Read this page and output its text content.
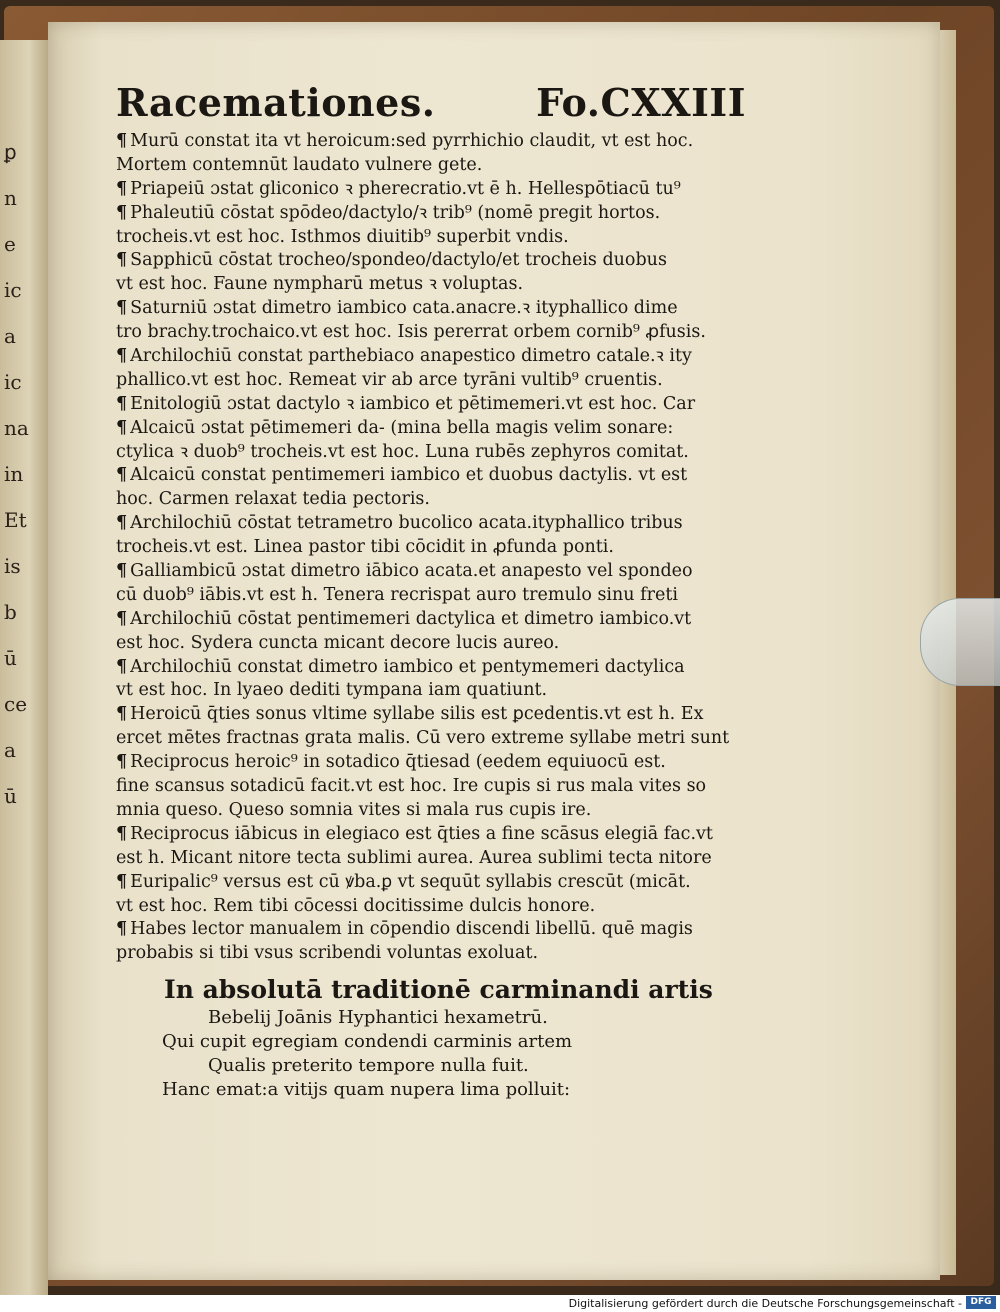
ꝑ
n
e
ic
a
ic
na
in
Et
is
b
ū
ce
a
ū
Racemationes.	Fo.CXXIII
¶ Murū constat ita vt heroicum:sed pyrrhichio claudit, vt est hoc.
Mortem contemnūt laudato vulnere gete.
¶ Priapeiū ɔstat gliconico ꝛ pherecratio.vt ē h. Hellespōtiacū tu⁹
¶ Phaleutiū cōstat spōdeo/dactylo/ꝛ trib⁹ (nomē pregit hortos.
trocheis.vt est hoc. Isthmos diuitib⁹ superbit vndis.
¶ Sapphicū cōstat trocheo/spondeo/dactylo/et trocheis duobus
vt est hoc. Faune nympharū metus ꝛ voluptas.
¶ Saturniū ɔstat dimetro iambico cata.anacre.ꝛ ityphallico dime
tro brachy.trochaico.vt est hoc. Isis pererrat orbem cornib⁹ ꝓfusis.
¶ Archilochiū constat parthebiaco anapestico dimetro catale.ꝛ ity
phallico.vt est hoc. Remeat vir ab arce tyrāni vultib⁹ cruentis.
¶ Enitologiū ɔstat dactylo ꝛ iambico et pētimemeri.vt est hoc. Car
¶ Alcaicū ɔstat pētimemeri da- (mina bella magis velim sonare:
ctylica ꝛ duob⁹ trocheis.vt est hoc. Luna rubēs zephyros comitat.
¶ Alcaicū constat pentimemeri iambico et duobus dactylis. vt est
hoc. Carmen relaxat tedia pectoris.
¶ Archilochiū cōstat tetrametro bucolico acata.ityphallico tribus
trocheis.vt est. Linea pastor tibi cōcidit in ꝓfunda ponti.
¶ Galliambicū ɔstat dimetro iābico acata.et anapesto vel spondeo
cū duob⁹ iābis.vt est h. Tenera recrispat auro tremulo sinu freti
¶ Archilochiū cōstat pentimemeri dactylica et dimetro iambico.vt
est hoc. Sydera cuncta micant decore lucis aureo.
¶ Archilochiū constat dimetro iambico et pentymemeri dactylica
vt est hoc. In lyaeo dediti tympana iam quatiunt.
¶ Heroicū q̄ties sonus vltime syllabe silis est ꝑcedentis.vt est h. Ex
ercet mētes fractnas grata malis. Cū vero extreme syllabe metri sunt
¶ Reciprocus heroic⁹ in sotadico q̄tiesad (eedem equiuocū est.
fine scansus sotadicū facit.vt est hoc. Ire cupis si rus mala vites so
mnia queso. Queso somnia vites si mala rus cupis ire.
¶ Reciprocus iābicus in elegiaco est q̄ties a fine scāsus elegiā fac.vt
est h. Micant nitore tecta sublimi aurea. Aurea sublimi tecta nitore
¶ Euripalic⁹ versus est cū ꝟba.ꝑ vt sequūt syllabis crescūt (micāt.
vt est hoc. Rem tibi cōcessi docitissime dulcis honore.
¶ Habes lector manualem in cōpendio discendi libellū. quē magis
probabis si tibi vsus scribendi voluntas exoluat.
In absolutā traditionē carminandi artis
Bebelij Joānis Hyphantici hexametrū.
Qui cupit egregiam condendi carminis artem
Qualis preterito tempore nulla fuit.
Hanc emat:a vitijs quam nupera lima polluit:
Digitalisierung gefördert durch die Deutsche Forschungsgemeinschaft - DFG
